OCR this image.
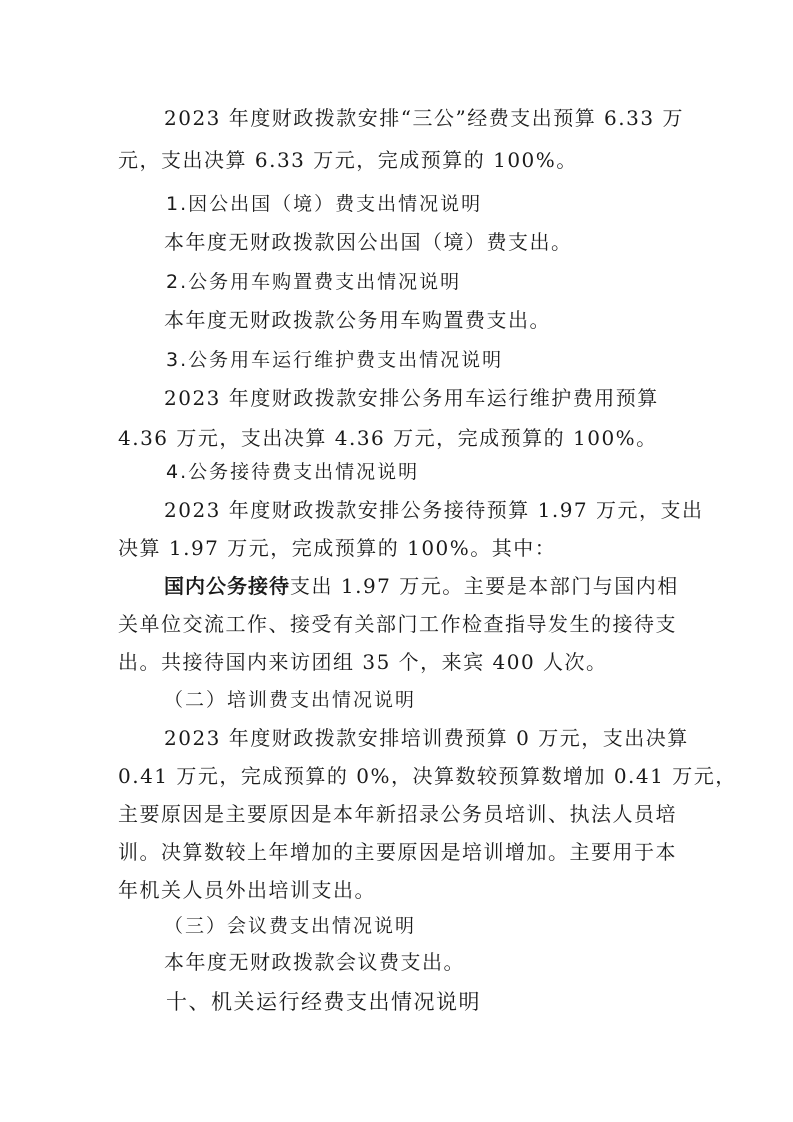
2023 年度财政拨款安排“三公”经费支出预算 6.33 万
元，支出决算 6.33 万元，完成预算的 100%。
1.因公出国（境）费支出情况说明
本年度无财政拨款因公出国（境）费支出。
2.公务用车购置费支出情况说明
本年度无财政拨款公务用车购置费支出。
3.公务用车运行维护费支出情况说明
2023 年度财政拨款安排公务用车运行维护费用预算
4.36 万元，支出决算 4.36 万元，完成预算的 100%。
4.公务接待费支出情况说明
2023 年度财政拨款安排公务接待预算 1.97 万元，支出
决算 1.97 万元，完成预算的 100%。其中：
国内公务接待支出 1.97 万元。主要是本部门与国内相
关单位交流工作、接受有关部门工作检查指导发生的接待支
出。共接待国内来访团组 35 个，来宾 400 人次。
（二）培训费支出情况说明
2023 年度财政拨款安排培训费预算 0 万元，支出决算
0.41 万元，完成预算的 0%，决算数较预算数增加 0.41 万元，
主要原因是主要原因是本年新招录公务员培训、执法人员培
训。决算数较上年增加的主要原因是培训增加。主要用于本
年机关人员外出培训支出。
（三）会议费支出情况说明
本年度无财政拨款会议费支出。
十、机关运行经费支出情况说明
